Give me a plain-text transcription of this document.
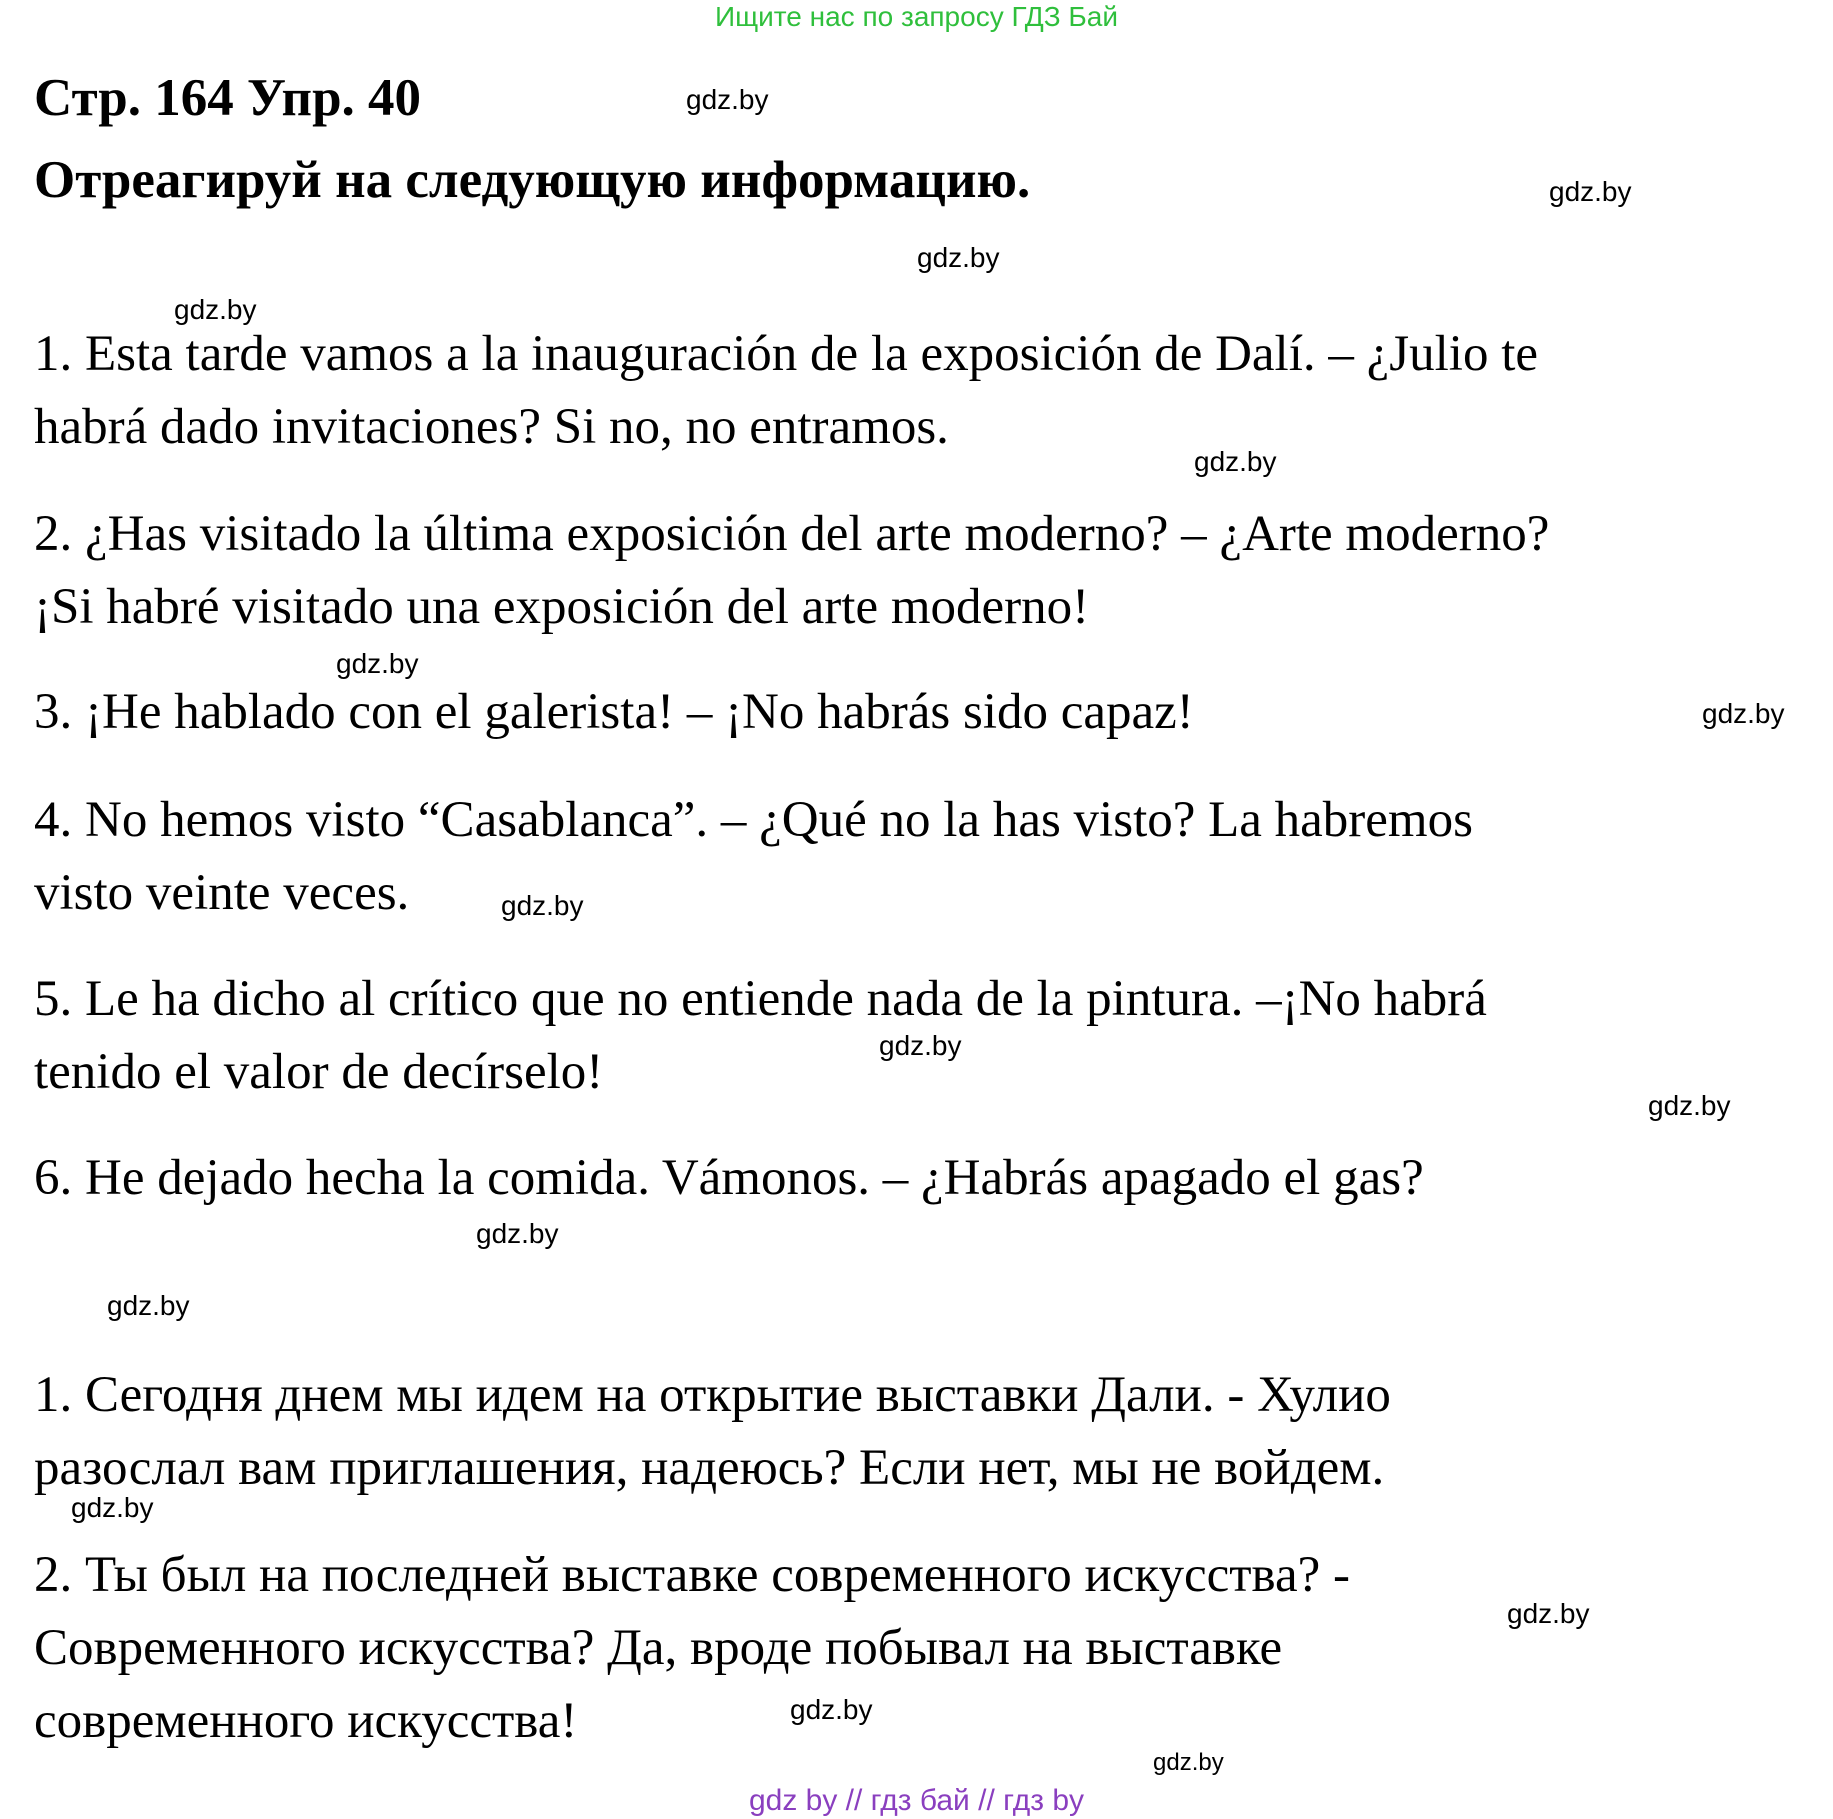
Ищите нас по запросу ГДЗ Бай
Стр. 164 Упр. 40
Отреагируй на следующую информацию.
1. Esta tarde vamos a la inauguración de la exposición de Dalí. – ¿Julio te
habrá dado invitaciones? Si no, no entramos.
2. ¿Has visitado la última exposición del arte moderno? – ¿Arte moderno?
¡Si habré visitado una exposición del arte moderno!
3. ¡He hablado con el galerista! – ¡No habrás sido capaz!
4. No hemos visto “Casablanca”. – ¿Qué no la has visto? La habremos
visto veinte veces.
5. Le ha dicho al crítico que no entiende nada de la pintura. –¡No habrá
tenido el valor de decírselo!
6. He dejado hecha la comida. Vámonos. – ¿Habrás apagado el gas?
1. Сегодня днем мы идем на открытие выставки Дали. - Хулио
разослал вам приглашения, надеюсь? Если нет, мы не войдем.
2. Ты был на последней выставке современного искусства? -
Современного искусства? Да, вроде побывал на выставке
современного искусства!
gdz.by
gdz.by
gdz.by
gdz.by
gdz.by
gdz.by
gdz.by
gdz.by
gdz.by
gdz.by
gdz.by
gdz.by
gdz.by
gdz.by
gdz.by
gdz.by
gdz by // гдз бай // гдз by
